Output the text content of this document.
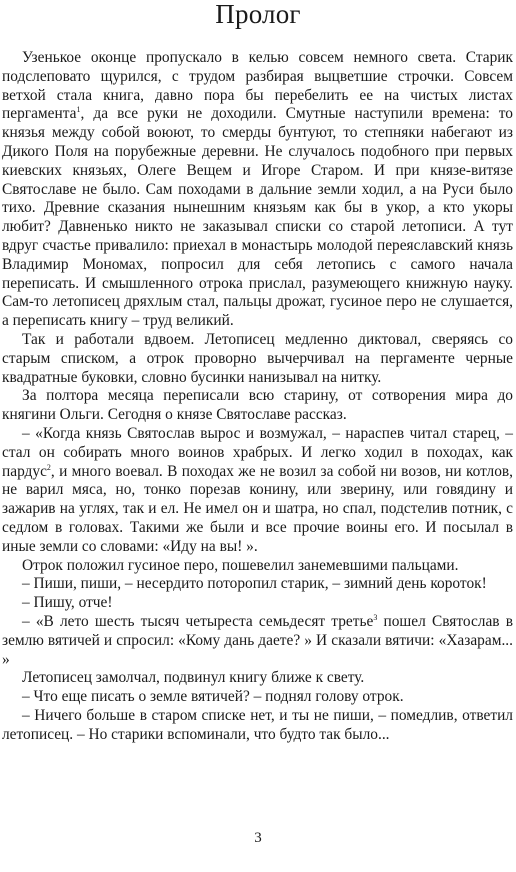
Пролог

Узенькое оконце пропускало в келью совсем немного света. Старик подслеповато щурился, с трудом разбирая выцветшие строчки. Совсем ветхой стала книга, давно пора бы перебелить ее на чистых листах пергамента$^1$, да все руки не доходили. Смутные наступили времена: то князья между собой воюют, то смерды бунтуют, то степняки набегают из Дикого Поля на порубежные деревни. Не случалось подобного при первых киевских князьях, Олеге Вещем и Игоре Старом. И при князе-витязе Святославе не было. Сам походами в дальние земли ходил, а на Руси было тихо. Древние сказания нынешним князьям как бы в укор, а кто укоры любит? Давненько никто не заказывал списки со старой летописи. А тут вдруг счастье привалило: приехал в монастырь молодой переяславский князь Владимир Мономах, попросил для себя летопись с самого начала переписать. И смышленного отрока прислал, разумеющего книжную науку. Сам-то летописец дряхлым стал, пальцы дрожат, гусиное перо не слушается, а переписать книгу – труд великий.

Так и работали вдвоем. Летописец медленно диктовал, сверяясь со старым списком, а отрок проворно вычерчивал на пергаменте черные квадратные буковки, словно бусинки нанизывал на нитку.

За полтора месяца переписали всю старину, от сотворения мира до княгини Ольги. Сегодня о князе Святославе рассказ.

– «Когда князь Святослав вырос и возмужал, – нараспев читал старец, – стал он собирать много воинов храбрых. И легко ходил в походах, как пардус$^2$, и много воевал. В походах же не возил за собой ни возов, ни котлов, не варил мяса, но, тонко порезав конину, или зверину, или говядину и зажарив на углях, так и ел. Не имел он и шатра, но спал, подстелив потник, с седлом в головах. Такими же были и все прочие воины его. И посылал в иные земли со словами: «Иду на вы! ».

Отрок положил гусиное перо, пошевелил занемевшими пальцами.

– Пиши, пиши, – несердито поторопил старик, – зимний день короток!

– Пишу, отче!

– «В лето шесть тысяч четыреста семьдесят третье$^3$ пошел Святослав в землю вятичей и спросил: «Кому дань даете? » И сказали вятичи: «Хазарам... »

Летописец замолчал, подвинул книгу ближе к свету.

– Что еще писать о земле вятичей? – поднял голову отрок.

– Ничего больше в старом списке нет, и ты не пиши, – помедлив, ответил летописец. – Но старики вспоминали, что будто так было...

3
